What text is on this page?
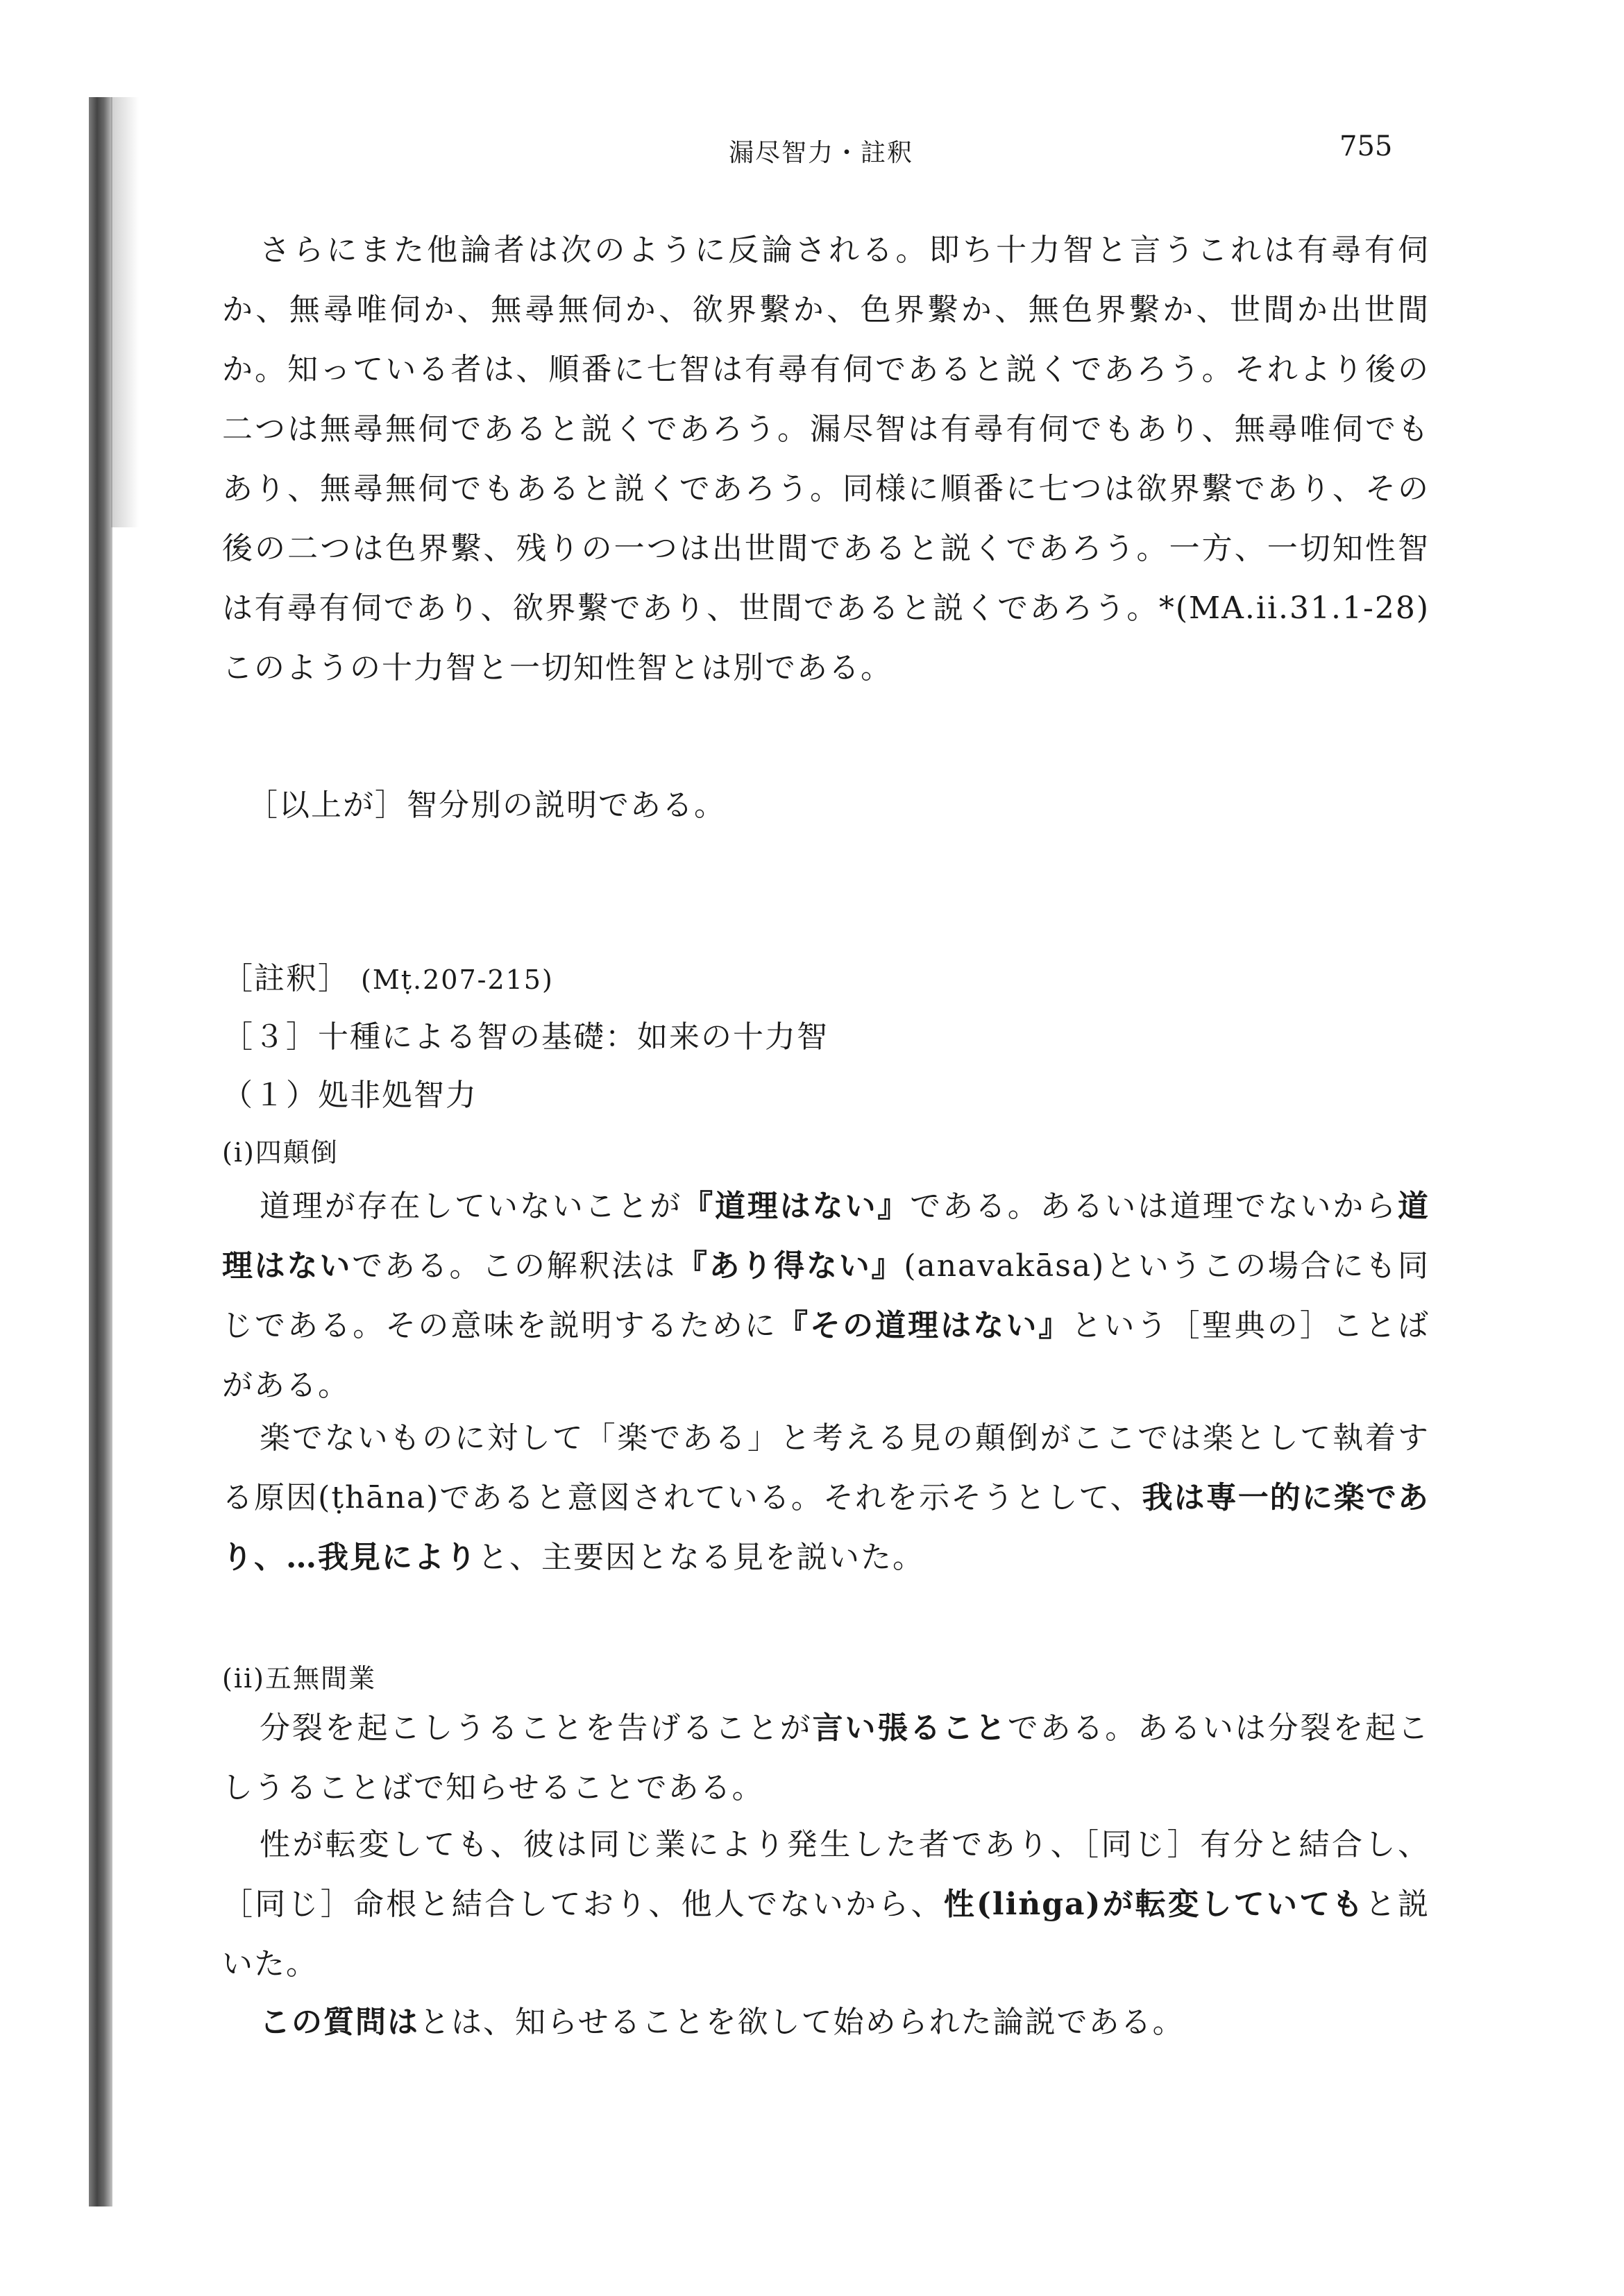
漏尽智力・註釈	755

さらにまた他論者は次のように反論される。即ち十力智と言うこれは有尋有伺か、無尋唯伺か、無尋無伺か、欲界繫か、色界繫か、無色界繫か、世間か出世間か。知っている者は、順番に七智は有尋有伺であると説くであろう。それより後の二つは無尋無伺であると説くであろう。漏尽智は有尋有伺でもあり、無尋唯伺でもあり、無尋無伺でもあると説くであろう。同様に順番に七つは欲界繫であり、その後の二つは色界繫、残りの一つは出世間であると説くであろう。一方、一切知性智は有尋有伺であり、欲界繫であり、世間であると説くであろう。*(MA.ii.31.1-28) このようの十力智と一切知性智とは別である。

［以上が］智分別の説明である。

［註釈］ (Mṭ.207-215)
［３］十種による智の基礎：如来の十力智
（１）処非処智力
(i)四顛倒

道理が存在していないことが『道理はない』である。あるいは道理でないから道理はないである。この解釈法は『あり得ない』(anavakāsa)というこの場合にも同じである。その意味を説明するために『その道理はない』という［聖典の］ことばがある。

楽でないものに対して「楽である」と考える見の顛倒がここでは楽として執着する原因(ṭhāna)であると意図されている。それを示そうとして、我は専一的に楽であり、…我見によりと、主要因となる見を説いた。

(ii)五無間業

分裂を起こしうることを告げることが言い張ることである。あるいは分裂を起こしうることばで知らせることである。

性が転変しても、彼は同じ業により発生した者であり、［同じ］有分と結合し、［同じ］命根と結合しており、他人でないから、性(liṅga)が転変していてもと説いた。

この質問はとは、知らせることを欲して始められた論説である。
